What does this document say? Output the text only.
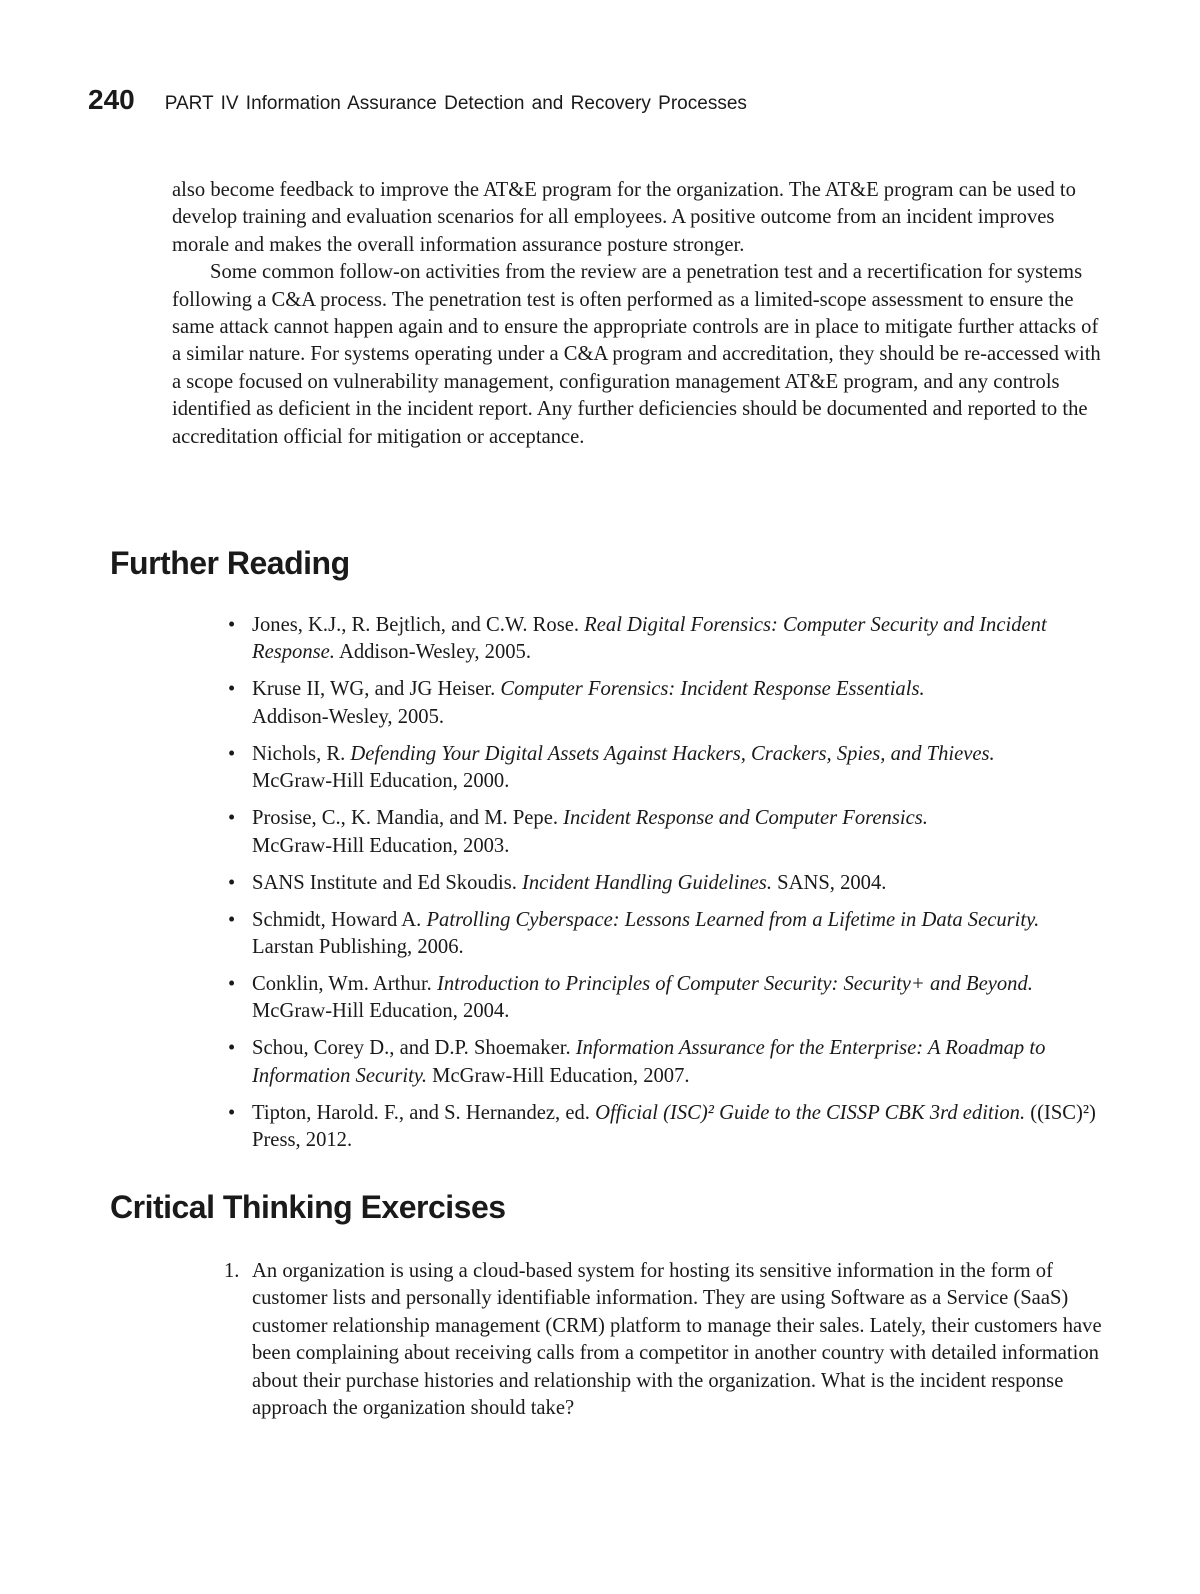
240 PART IV Information Assurance Detection and Recovery Processes

also become feedback to improve the AT&E program for the organization. The AT&E program can be used to develop training and evaluation scenarios for all employees. A positive outcome from an incident improves morale and makes the overall information assurance posture stronger.

Some common follow-on activities from the review are a penetration test and a recertification for systems following a C&A process. The penetration test is often performed as a limited-scope assessment to ensure the same attack cannot happen again and to ensure the appropriate controls are in place to mitigate further attacks of a similar nature. For systems operating under a C&A program and accreditation, they should be re-accessed with a scope focused on vulnerability management, configuration management AT&E program, and any controls identified as deficient in the incident report. Any further deficiencies should be documented and reported to the accreditation official for mitigation or acceptance.

Further Reading
• Jones, K.J., R. Bejtlich, and C.W. Rose. Real Digital Forensics: Computer Security and Incident Response. Addison-Wesley, 2005.
• Kruse II, WG, and JG Heiser. Computer Forensics: Incident Response Essentials.
Addison-Wesley, 2005.
• Nichols, R. Defending Your Digital Assets Against Hackers, Crackers, Spies, and Thieves.
McGraw-Hill Education, 2000.
• Prosise, C., K. Mandia, and M. Pepe. Incident Response and Computer Forensics.
McGraw-Hill Education, 2003.
• SANS Institute and Ed Skoudis. Incident Handling Guidelines. SANS, 2004.
• Schmidt, Howard A. Patrolling Cyberspace: Lessons Learned from a Lifetime in Data Security. Larstan Publishing, 2006.
• Conklin, Wm. Arthur. Introduction to Principles of Computer Security: Security+ and Beyond. McGraw-Hill Education, 2004.
• Schou, Corey D., and D.P. Shoemaker. Information Assurance for the Enterprise: A Roadmap to Information Security. McGraw-Hill Education, 2007.
• Tipton, Harold. F., and S. Hernandez, ed. Official (ISC)² Guide to the CISSP CBK 3rd edition. ((ISC)²) Press, 2012.
Critical Thinking Exercises
1. An organization is using a cloud-based system for hosting its sensitive information in the form of customer lists and personally identifiable information. They are using Software as a Service (SaaS) customer relationship management (CRM) platform to manage their sales. Lately, their customers have been complaining about receiving calls from a competitor in another country with detailed information about their purchase histories and relationship with the organization. What is the incident response approach the organization should take?
